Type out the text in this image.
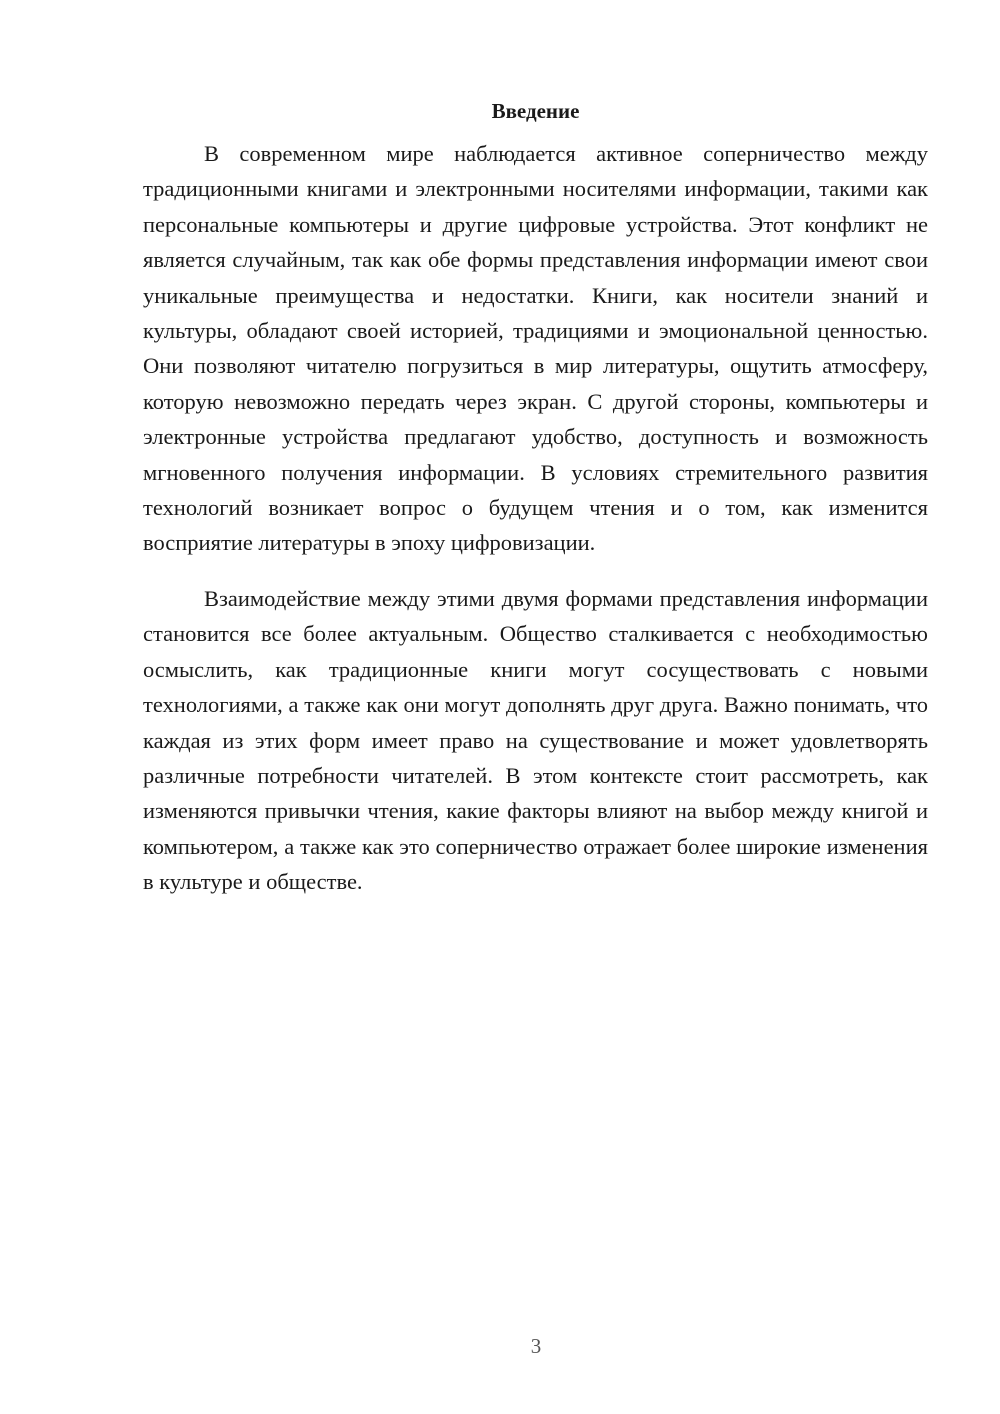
Введение

В современном мире наблюдается активное соперничество между традиционными книгами и электронными носителями информации, такими как персональные компьютеры и другие цифровые устройства. Этот конфликт не является случайным, так как обе формы представления информации имеют свои уникальные преимущества и недостатки. Книги, как носители знаний и культуры, обладают своей историей, традициями и эмоциональной ценностью. Они позволяют читателю погрузиться в мир литературы, ощутить атмосферу, которую невозможно передать через экран. С другой стороны, компьютеры и электронные устройства предлагают удобство, доступность и возможность мгновенного получения информации. В условиях стремительного развития технологий возникает вопрос о будущем чтения и о том, как изменится восприятие литературы в эпоху цифровизации.

Взаимодействие между этими двумя формами представления информации становится все более актуальным. Общество сталкивается с необходимостью осмыслить, как традиционные книги могут сосуществовать с новыми технологиями, а также как они могут дополнять друг друга. Важно понимать, что каждая из этих форм имеет право на существование и может удовлетворять различные потребности читателей. В этом контексте стоит рассмотреть, как изменяются привычки чтения, какие факторы влияют на выбор между книгой и компьютером, а также как это соперничество отражает более широкие изменения в культуре и обществе.

3
